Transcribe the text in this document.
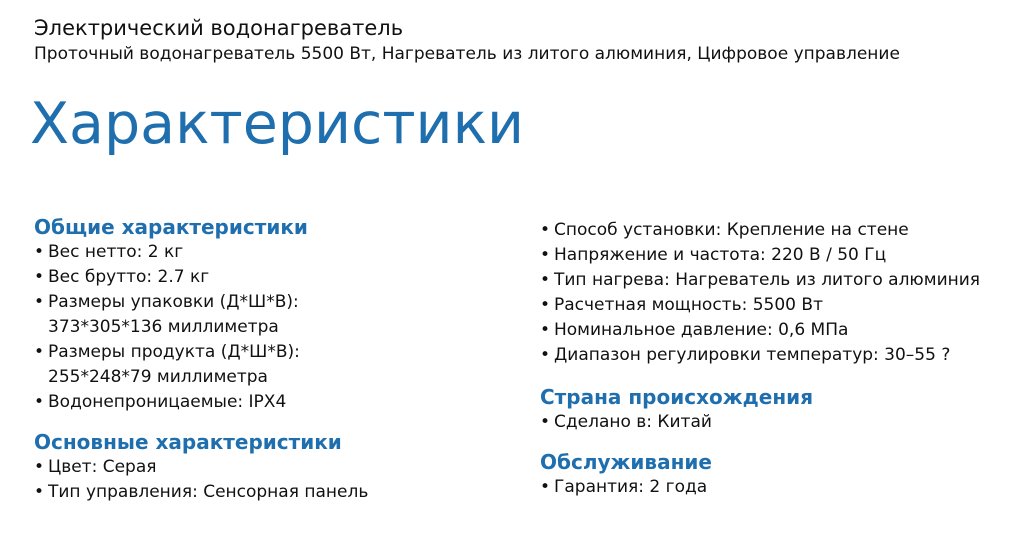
Электрический водонагреватель

Проточный водонагреватель 5500 Вт, Нагреватель из литого алюминия, Цифровое управление

Характеристики
Общие характеристики
• Вес нетто: 2 кг
• Вес брутто: 2.7 кг
• Размеры упаковки (Д*Ш*В):
373*305*136 миллиметра
• Размеры продукта (Д*Ш*В):
255*248*79 миллиметра
• Водонепроницаемые: IPX4
Основные характеристики
• Цвет: Серая
• Тип управления: Сенсорная панель
• Способ установки: Крепление на стене
• Напряжение и частота: 220 В / 50 Гц
• Тип нагрева: Нагреватель из литого алюминия
• Расчетная мощность: 5500 Вт
• Номинальное давление: 0,6 МПа
• Диапазон регулировки температур: 30–55 ?
Страна происхождения
• Сделано в: Китай
Обслуживание
• Гарантия: 2 года
